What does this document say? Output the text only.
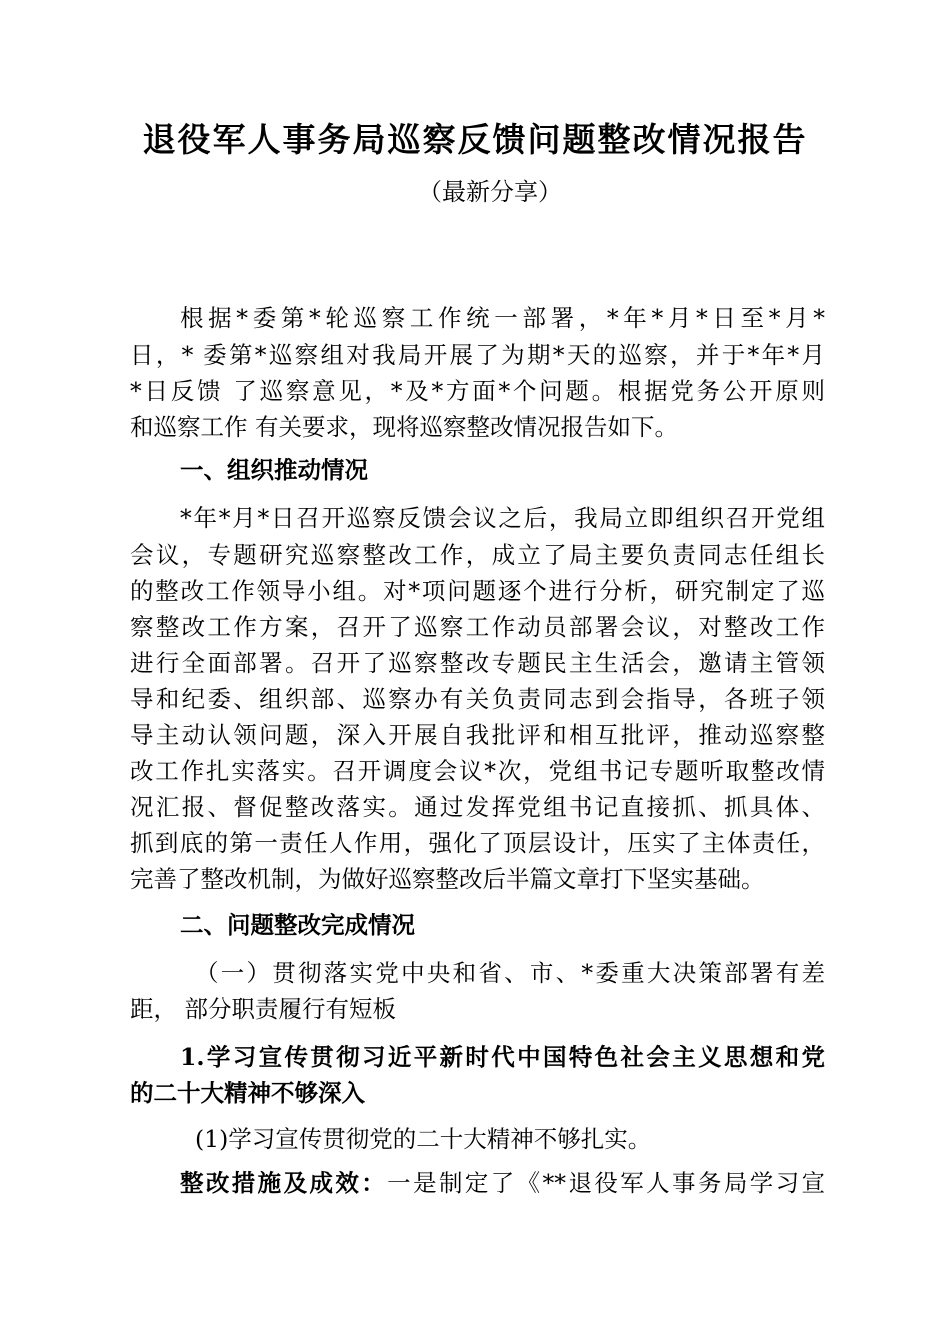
退役军人事务局巡察反馈问题整改情况报告
（最新分享）
根据*委第*轮巡察工作统一部署，*年*月*日至*月*
日，* 委第*巡察组对我局开展了为期*天的巡察，并于*年*月
*日反馈 了巡察意见，*及*方面*个问题。根据党务公开原则
和巡察工作 有关要求，现将巡察整改情况报告如下。
一、组织推动情况
*年*月*日召开巡察反馈会议之后，我局立即组织召开党组
会议，专题研究巡察整改工作，成立了局主要负责同志任组长
的整改工作领导小组。对*项问题逐个进行分析，研究制定了巡
察整改工作方案，召开了巡察工作动员部署会议，对整改工作
进行全面部署。召开了巡察整改专题民主生活会，邀请主管领
导和纪委、组织部、巡察办有关负责同志到会指导，各班子领
导主动认领问题，深入开展自我批评和相互批评，推动巡察整
改工作扎实落实。召开调度会议*次，党组书记专题听取整改情
况汇报、督促整改落实。通过发挥党组书记直接抓、抓具体、
抓到底的第一责任人作用，强化了顶层设计，压实了主体责任，
完善了整改机制，为做好巡察整改后半篇文章打下坚实基础。
二、问题整改完成情况
（一）贯彻落实党中央和省、市、*委重大决策部署有差
距， 部分职责履行有短板
1.学习宣传贯彻习近平新时代中国特色社会主义思想和党
的二十大精神不够深入
(1)学习宣传贯彻党的二十大精神不够扎实。
整改措施及成效：一是制定了《**退役军人事务局学习宣
